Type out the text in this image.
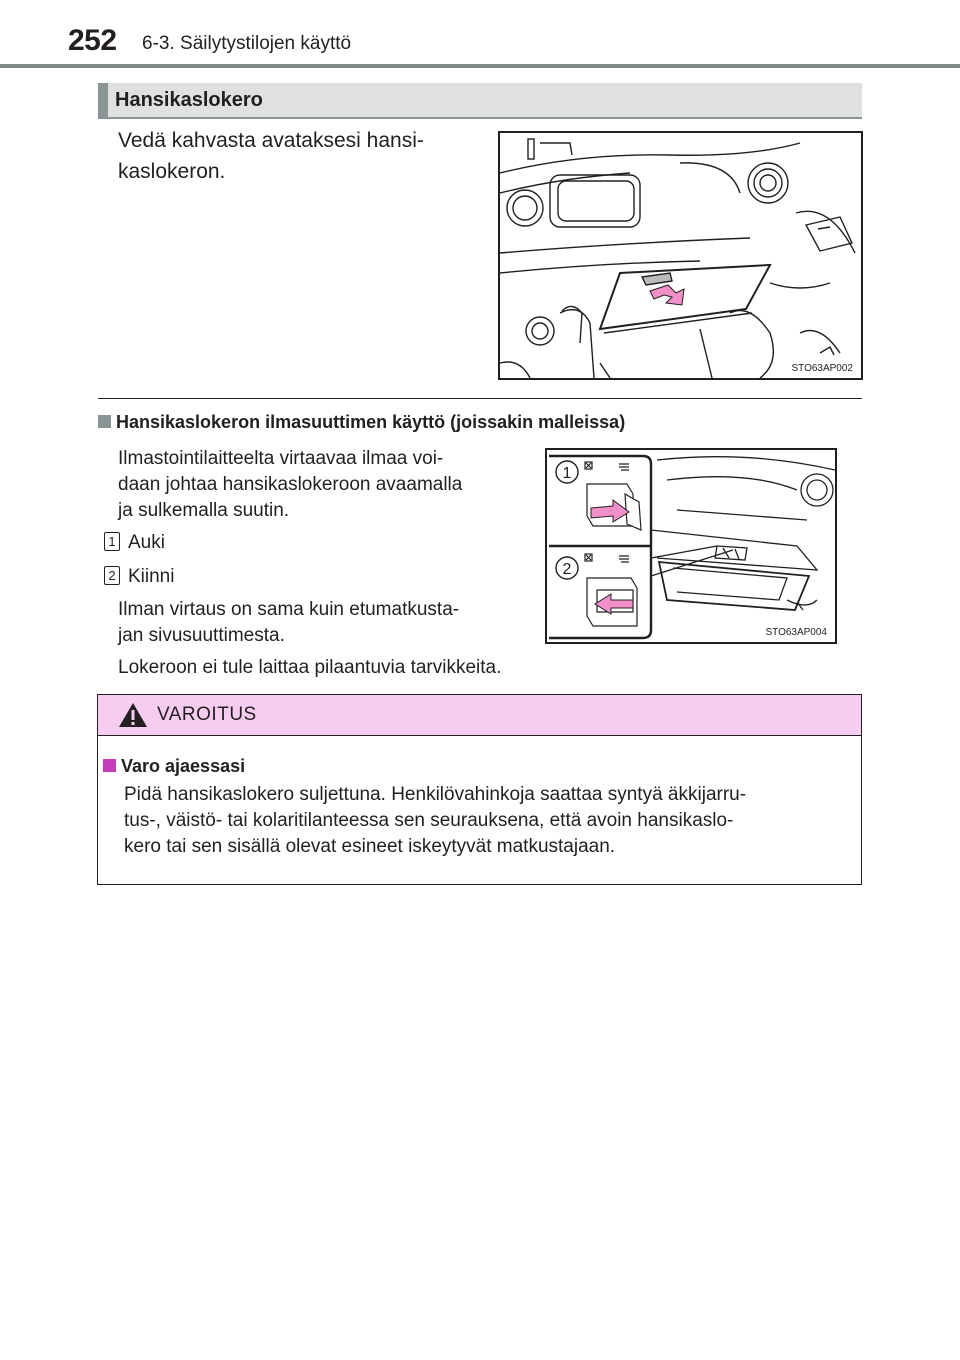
252 6-3. Säilytystilojen käyttö
Hansikaslokero
Vedä kahvasta avataksesi hansi-
kaslokeron.
STO63AP002
Hansikaslokeron ilmasuuttimen käyttö (joissakin malleissa)
Ilmastointilaitteelta virtaavaa ilmaa voi-
daan johtaa hansikaslokeroon avaamalla
ja sulkemalla suutin.
1 Auki
2 Kiinni
Ilman virtaus on sama kuin etumatkusta-
jan sivusuuttimesta.
Lokeroon ei tule laittaa pilaantuvia tarvikkeita.
1
2
STO63AP004
VAROITUS
Varo ajaessasi
Pidä hansikaslokero suljettuna. Henkilövahinkoja saattaa syntyä äkkijarru-
tus-, väistö- tai kolaritilanteessa sen seurauksena, että avoin hansikaslo-
kero tai sen sisällä olevat esineet iskeytyvät matkustajaan.
